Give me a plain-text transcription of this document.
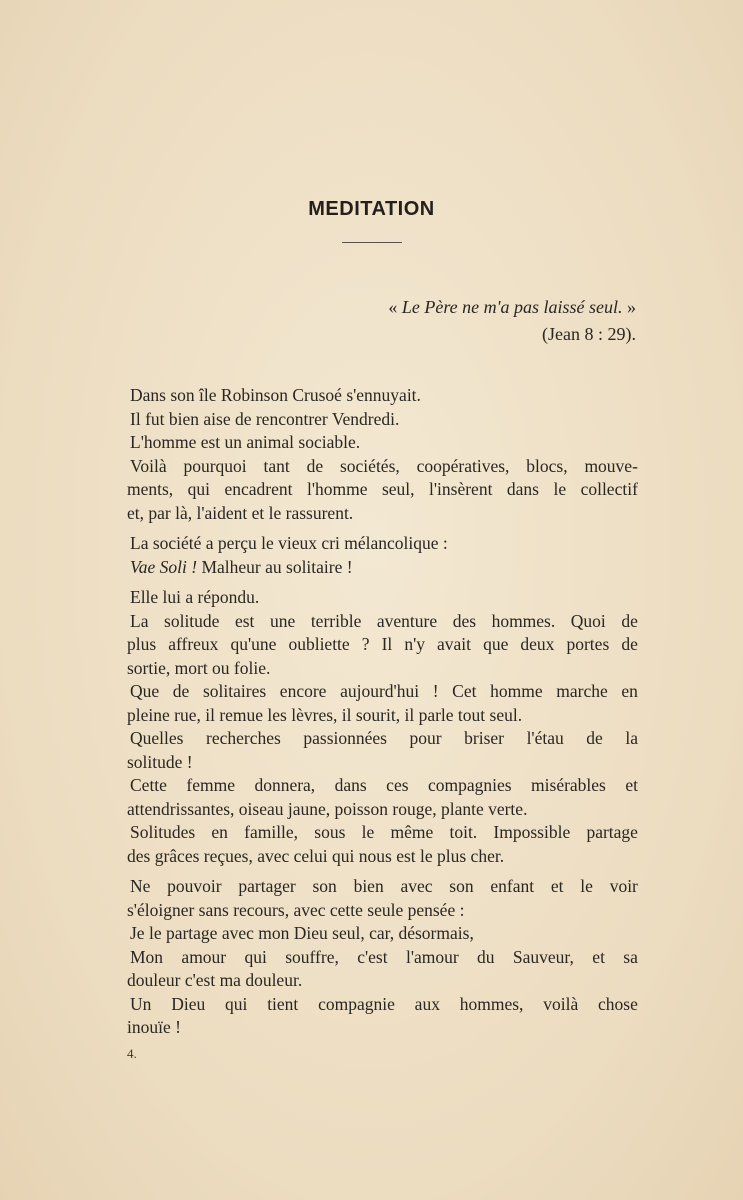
MEDITATION
« Le Père ne m'a pas laissé seul. »
(Jean 8 : 29).
Dans son île Robinson Crusoé s'ennuyait.
Il fut bien aise de rencontrer Vendredi.
L'homme est un animal sociable.
Voilà pourquoi tant de sociétés, coopératives, blocs, mouve-
ments, qui encadrent l'homme seul, l'insèrent dans le collectif
et, par là, l'aident et le rassurent.
La société a perçu le vieux cri mélancolique :
Vae Soli ! Malheur au solitaire !
Elle lui a répondu.
La solitude est une terrible aventure des hommes. Quoi de
plus affreux qu'une oubliette ? Il n'y avait que deux portes de
sortie, mort ou folie.
Que de solitaires encore aujourd'hui ! Cet homme marche en
pleine rue, il remue les lèvres, il sourit, il parle tout seul.
Quelles recherches passionnées pour briser l'étau de la
solitude !
Cette femme donnera, dans ces compagnies misérables et
attendrissantes, oiseau jaune, poisson rouge, plante verte.
Solitudes en famille, sous le même toit. Impossible partage
des grâces reçues, avec celui qui nous est le plus cher.
Ne pouvoir partager son bien avec son enfant et le voir
s'éloigner sans recours, avec cette seule pensée :
Je le partage avec mon Dieu seul, car, désormais,
Mon amour qui souffre, c'est l'amour du Sauveur, et sa
douleur c'est ma douleur.
Un Dieu qui tient compagnie aux hommes, voilà chose
inouïe !
4.
